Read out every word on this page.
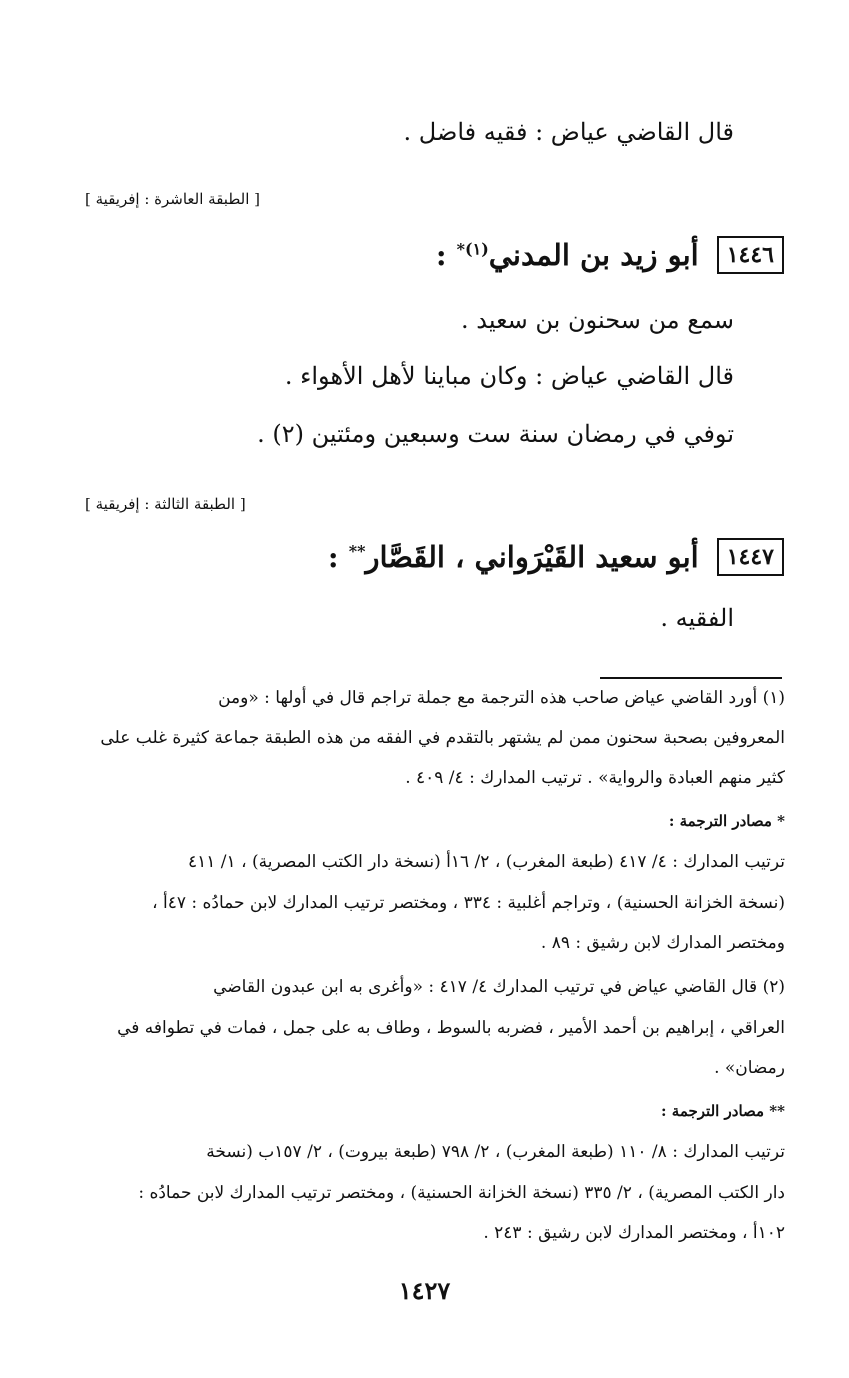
قال القاضي عياض : فقيه فاضل .
[ الطبقة العاشرة : إفريقية ]
١٤٤٦
أبو زيد بن المدني$^{(١)*}$ :
سمع من سحنون بن سعيد .
قال القاضي عياض : وكان مباينا لأهل الأهواء .
توفي في رمضان سنة ست وسبعين ومئتين (٢) .
[ الطبقة الثالثة : إفريقية ]
١٤٤٧
أبو سعيد القَيْرَواني ، القَصَّار** :
الفقيه .
(١) أورد القاضي عياض صاحب هذه الترجمة مع جملة تراجم قال في أولها : «ومن
المعروفين بصحبة سحنون ممن لم يشتهر بالتقدم في الفقه من هذه الطبقة جماعة كثيرة غلب على
كثير منهم العبادة والرواية» . ترتيب المدارك : ٤/ ٤٠٩ .
* مصادر الترجمة :
ترتيب المدارك : ٤/ ٤١٧ (طبعة المغرب) ، ٢/ ١٦أ (نسخة دار الكتب المصرية) ، ١/ ٤١١
(نسخة الخزانة الحسنية) ، وتراجم أغلبية : ٣٣٤ ، ومختصر ترتيب المدارك لابن حمادُه : ٤٧أ ،
ومختصر المدارك لابن رشيق : ٨٩ .
(٢) قال القاضي عياض في ترتيب المدارك ٤/ ٤١٧ : «وأغرى به ابن عبدون القاضي
العراقي ، إبراهيم بن أحمد الأمير ، فضربه بالسوط ، وطاف به على جمل ، فمات في تطوافه في
رمضان» .
** مصادر الترجمة :
ترتيب المدارك : ٨/ ١١٠ (طبعة المغرب) ، ٢/ ٧٩٨ (طبعة بيروت) ، ٢/ ١٥٧ب (نسخة
دار الكتب المصرية) ، ٢/ ٣٣٥ (نسخة الخزانة الحسنية) ، ومختصر ترتيب المدارك لابن حمادُه :
١٠٢أ ، ومختصر المدارك لابن رشيق : ٢٤٣ .
١٤٢٧
